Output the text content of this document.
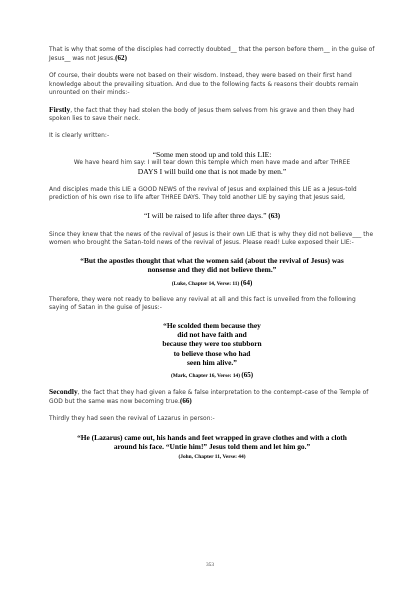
That is why that some of the disciples had correctly doubted__ that the person before them__ in the guise of Jesus__ was not Jesus.(62)

Of course, their doubts were not based on their wisdom. Instead, they were based on their first hand knowledge about the prevailing situation. And due to the following facts & reasons their doubts remain unrounted on their minds:-

Firstly, the fact that they had stolen the body of Jesus them selves from his grave and then they had spoken lies to save their neck.

It is clearly written:-

“Some men stood up and told this LIE:

We have heard him say: I will tear down this temple which men have made and after THREE

DAYS I will build one that is not made by men.”

And disciples made this LIE a GOOD NEWS of the revival of Jesus and explained this LIE as a Jesus-told prediction of his own rise to life after THREE DAYS. They told another LIE by saying that Jesus said,

“I will be raised to life after three days.” (63)

Since they knew that the news of the revival of Jesus is their own LIE that is why they did not believe___ the women who brought the Satan-told news of the revival of Jesus. Please read! Luke exposed their LIE:-

“But the apostles thought that what the women said (about the revival of Jesus) was

nonsense and they did not believe them.”

(Luke, Chapter 14, Verse: 11) (64)

Therefore, they were not ready to believe any revival at all and this fact is unveiled from the following saying of Satan in the guise of Jesus:-

“He scolded them because they

did not have faith and

because they were too stubborn

to believe those who had

seen him alive.”

(Mark, Chapter 16, Verse: 14) (65)

Secondly, the fact that they had given a fake & false interpretation to the contempt-case of the Temple of GOD but the same was now becoming true.(66)

Thirdly they had seen the revival of Lazarus in person:-

“He (Lazarus) came out, his hands and feet wrapped in grave clothes and with a cloth

around his face. “Untie him!” Jesus told them and let him go.”

(John, Chapter 11, Verse: 44)

353
